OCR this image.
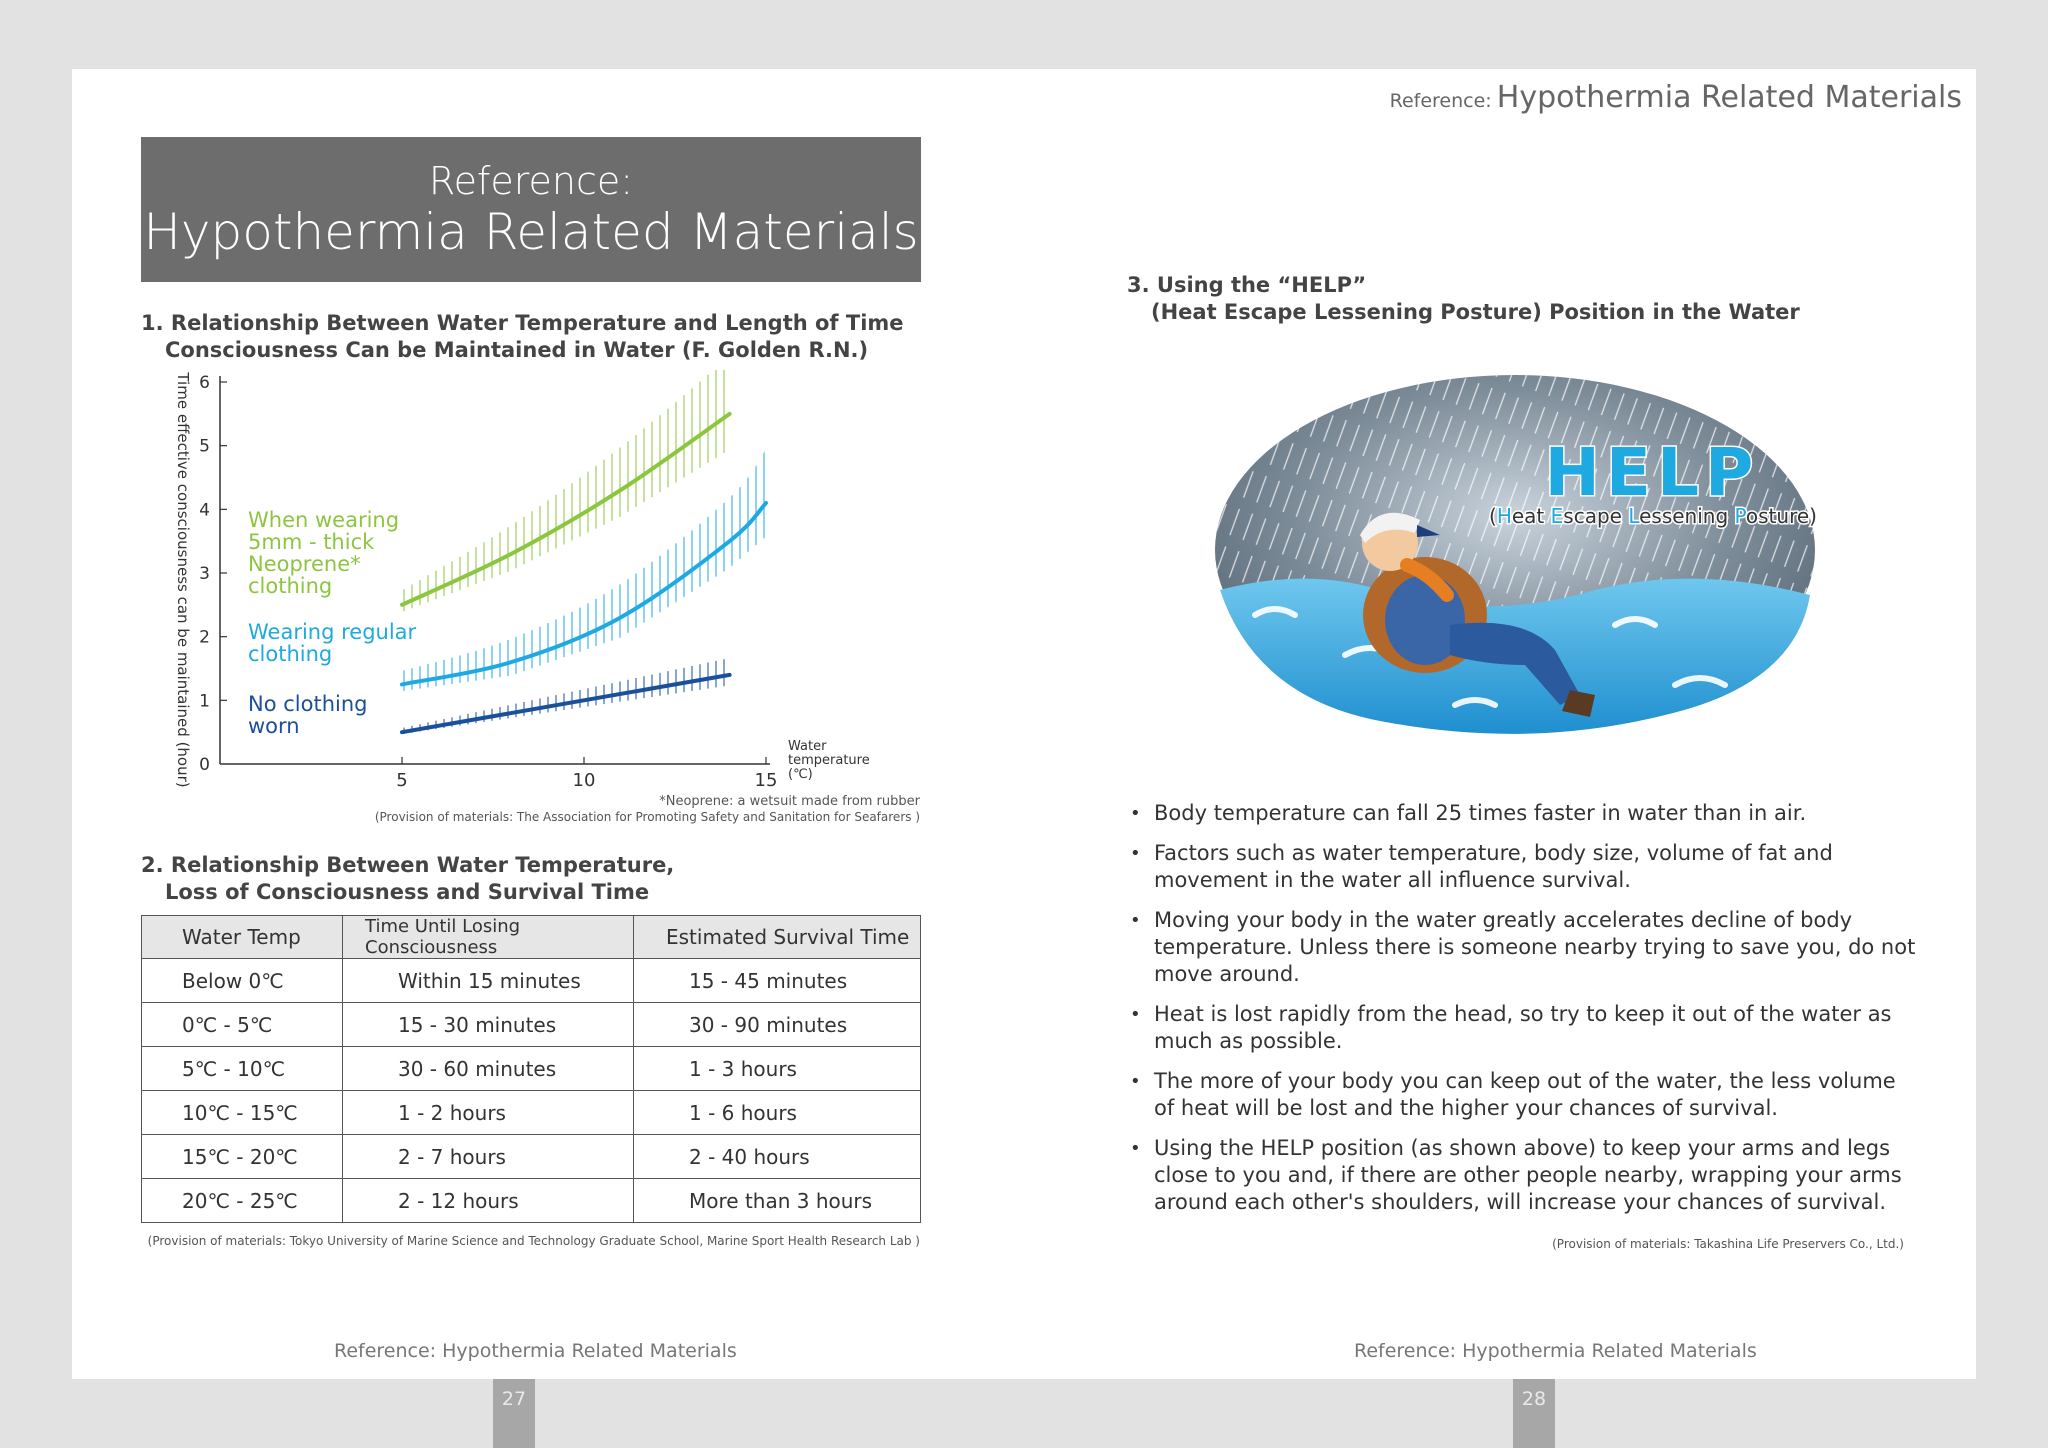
Reference: Hypothermia Related Materials
Reference:
Hypothermia Related Materials
1. Relationship Between Water Temperature and Length of Time
Consciousness Can be Maintained in Water (F. Golden R.N.)
0
1
2
3
4
5
6
5	10	15
Water
temperature
(℃)
When wearing
5mm - thick
Neoprene*
clothing
Wearing regular
clothing
No clothing
worn
Time effective consciousness can be maintained (hour)
*Neoprene: a wetsuit made from rubber
(Provision of materials: The Association for Promoting Safety and Sanitation for Seafarers )
2. Relationship Between Water Temperature,
Loss of Consciousness and Survival Time
Water Temp	Time Until Losing Consciousness	Estimated Survival Time
Below 0℃	Within 15 minutes	15 - 45 minutes
0℃ - 5℃	15 - 30 minutes	30 - 90 minutes
5℃ - 10℃	30 - 60 minutes	1 - 3 hours
10℃ - 15℃	1 - 2 hours	1 - 6 hours
15℃ - 20℃	2 - 7 hours	2 - 40 hours
20℃ - 25℃	2 - 12 hours	More than 3 hours
(Provision of materials: Tokyo University of Marine Science and Technology Graduate School, Marine Sport Health Research Lab )
3. Using the “HELP”
(Heat Escape Lessening Posture) Position in the Water
HELP
(Heat Escape Lessening Posture)
• Body temperature can fall 25 times faster in water than in air.
• Factors such as water temperature, body size, volume of fat and movement in the water all influence survival.
• Moving your body in the water greatly accelerates decline of body temperature. Unless there is someone nearby trying to save you, do not move around.
• Heat is lost rapidly from the head, so try to keep it out of the water as much as possible.
• The more of your body you can keep out of the water, the less volume of heat will be lost and the higher your chances of survival.
• Using the HELP position (as shown above) to keep your arms and legs close to you and, if there are other people nearby, wrapping your arms around each other's shoulders, will increase your chances of survival.
(Provision of materials: Takashina Life Preservers Co., Ltd.)
Reference: Hypothermia Related Materials	Reference: Hypothermia Related Materials
27	28
